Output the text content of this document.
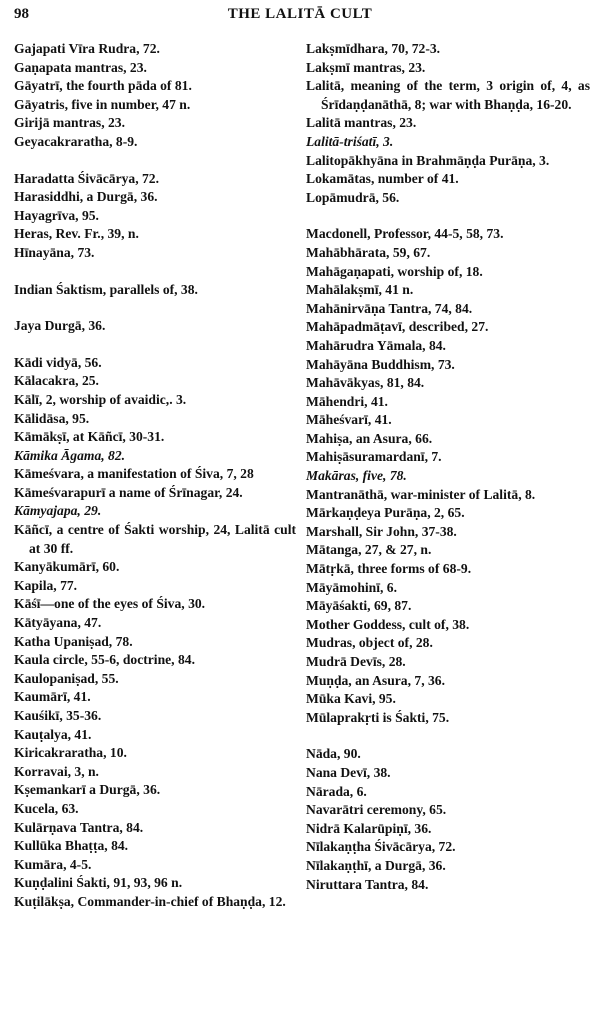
98	THE LALITĀ CULT

Gajapati Vīra Rudra, 72.

Gaṇapata mantras, 23.

Gāyatrī, the fourth pāda of 81.

Gāyatris, five in number, 47 n.

Girijā mantras, 23.

Geyacakraratha, 8-9.

Haradatta Śivācārya, 72.

Harasiddhi, a Durgā, 36.

Hayagrīva, 95.

Heras, Rev. Fr., 39, n.

Hīnayāna, 73.

Indian Śaktism, parallels of, 38.

Jaya Durgā, 36.

Kādi vidyā, 56.

Kālacakra, 25.

Kālī, 2, worship of avaidic,. 3.

Kālidāsa, 95.

Kāmākṣī, at Kāñcī, 30-31.

Kāmika Āgama, 82.

Kāmeśvara, a manifestation of Śiva, 7, 28

Kāmeśvarapurī a name of Śrīnagar, 24.

Kāmyajapa, 29.

Kāñcī, a centre of Śakti worship, 24, Lalitā cult at 30 ff.

Kanyākumārī, 60.

Kapila, 77.

Kāśī—one of the eyes of Śiva, 30.

Kātyāyana, 47.

Katha Upaniṣad, 78.

Kaula circle, 55-6, doctrine, 84.

Kaulopaniṣad, 55.

Kaumārī, 41.

Kauśikī, 35-36.

Kauṭalya, 41.

Kiricakraratha, 10.

Korravai, 3, n.

Kṣemankarī a Durgā, 36.

Kucela, 63.

Kulārṇava Tantra, 84.

Kullūka Bhaṭṭa, 84.

Kumāra, 4-5.

Kuṇḍalini Śakti, 91, 93, 96 n.

Kuṭilākṣa, Commander-in-chief of Bhaṇḍa, 12.

Lakṣmīdhara, 70, 72-3.

Lakṣmī mantras, 23.

Lalitā, meaning of the term, 3 origin of, 4, as Śrīdaṇḍanāthā, 8; war with Bhaṇḍa, 16-20.

Lalitā mantras, 23.

Lalitā-triśatī, 3.

Lalitopākhyāna in Brahmāṇḍa Purāṇa, 3.

Lokamātas, number of 41.

Lopāmudrā, 56.

Macdonell, Professor, 44-5, 58, 73.

Mahābhārata, 59, 67.

Mahāgaṇapati, worship of, 18.

Mahālakṣmī, 41 n.

Mahānirvāṇa Tantra, 74, 84.

Mahāpadmāṭavī, described, 27.

Mahārudra Yāmala, 84.

Mahāyāna Buddhism, 73.

Mahāvākyas, 81, 84.

Māhendri, 41.

Māheśvarī, 41.

Mahiṣa, an Asura, 66.

Mahiṣāsuramardanī, 7.

Makāras, five, 78.

Mantranāthā, war-minister of Lalitā, 8.

Mārkaṇḍeya Purāṇa, 2, 65.

Marshall, Sir John, 37-38.

Mātanga, 27, & 27, n.

Mātṛkā, three forms of 68-9.

Māyāmohinī, 6.

Māyāśakti, 69, 87.

Mother Goddess, cult of, 38.

Mudras, object of, 28.

Mudrā Devīs, 28.

Muṇḍa, an Asura, 7, 36.

Mūka Kavi, 95.

Mūlaprakṛti is Śakti, 75.

Nāda, 90.

Nana Devī, 38.

Nārada, 6.

Navarātri ceremony, 65.

Nidrā Kalarūpiṇī, 36.

Nīlakaṇṭha Śivācārya, 72.

Nīlakaṇṭhī, a Durgā, 36.

Niruttara Tantra, 84.
